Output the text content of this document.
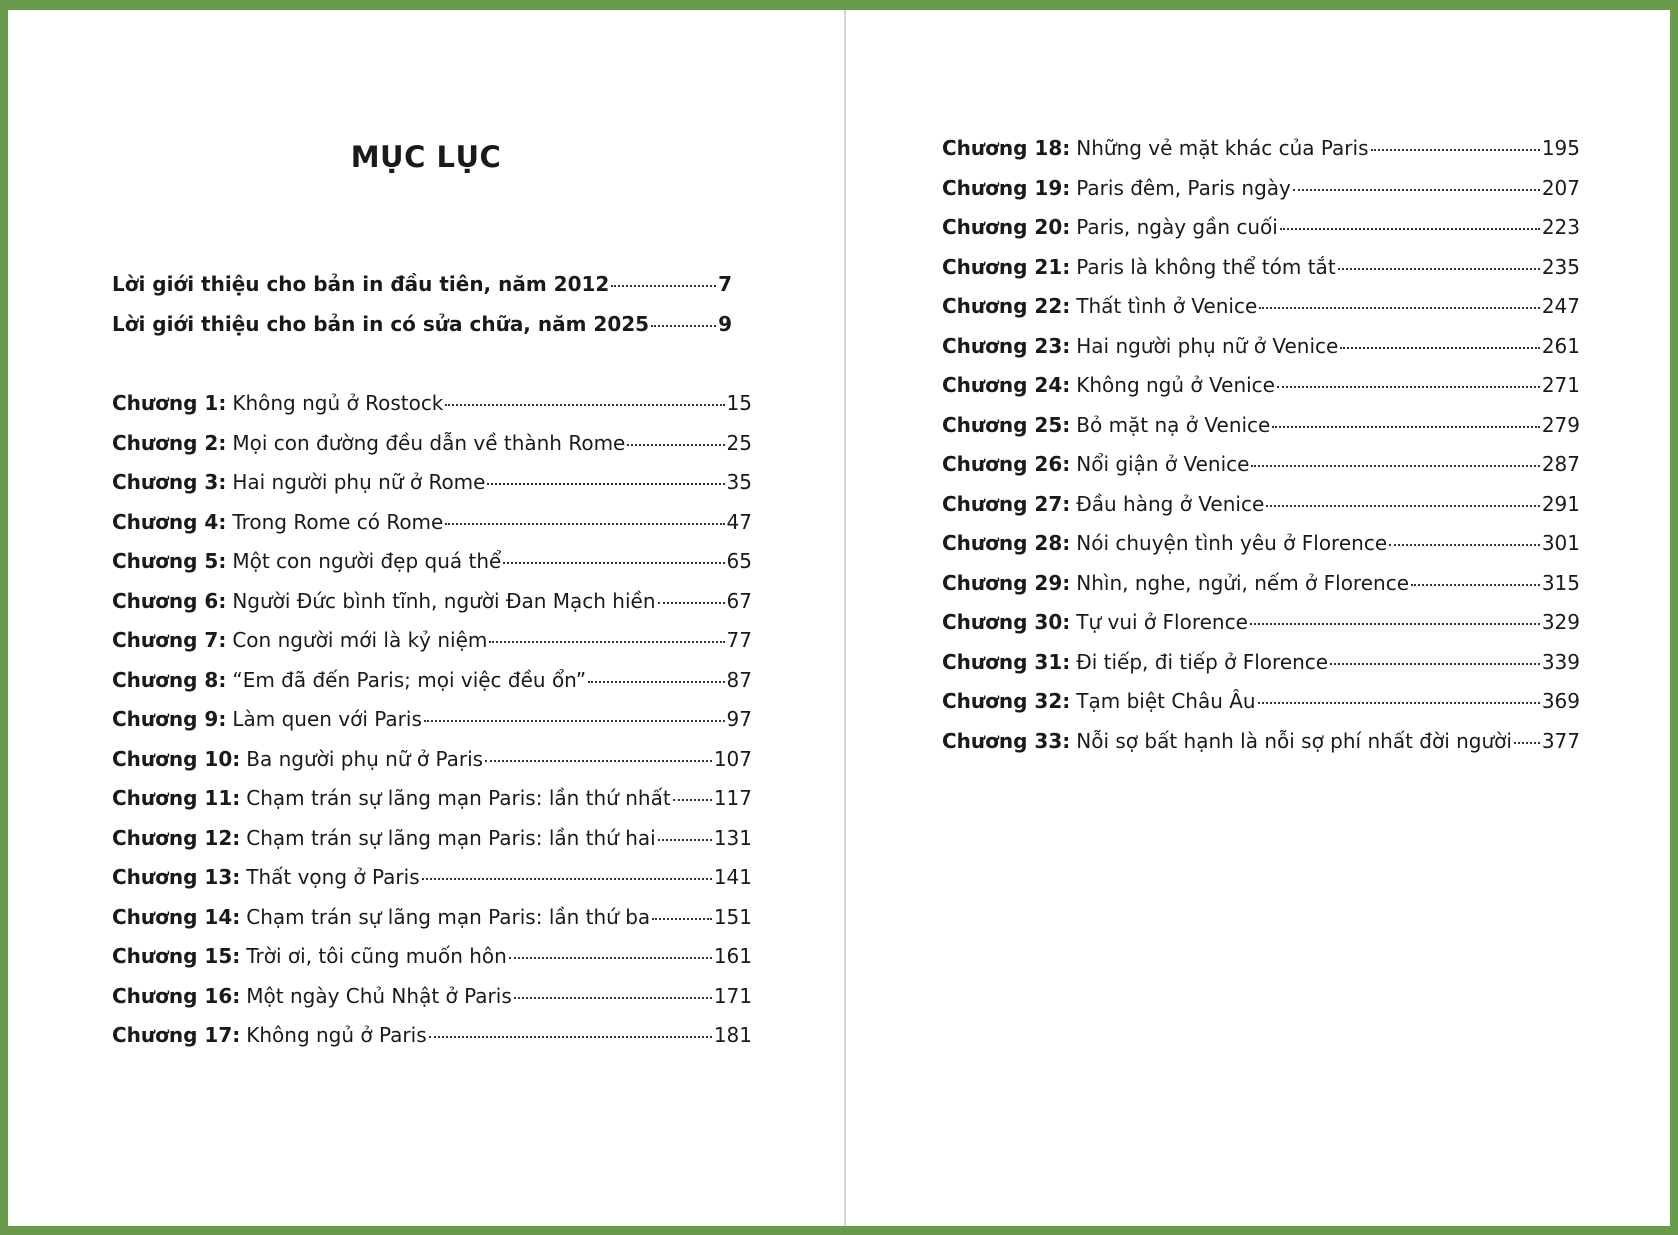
MỤC LỤC
Lời giới thiệu cho bản in đầu tiên, năm 2012	7
Lời giới thiệu cho bản in có sửa chữa, năm 2025	9
Chương 1 : Không ngủ ở Rostock	15
Chương 2 : Mọi con đường đều dẫn về thành Rome	25
Chương 3 : Hai người phụ nữ ở Rome	35
Chương 4 : Trong Rome có Rome	47
Chương 5 : Một con người đẹp quá thể	65
Chương 6 : Người Đức bình tĩnh, người Đan Mạch hiền	67
Chương 7 : Con người mới là kỷ niệm	77
Chương 8 : “Em đã đến Paris; mọi việc đều ổn”	87
Chương 9 : Làm quen với Paris	97
Chương 10 : Ba người phụ nữ ở Paris	107
Chương 11 : Chạm trán sự lãng mạn Paris: lần thứ nhất 117
Chương 12 : Chạm trán sự lãng mạn Paris: lần thứ hai	131
Chương 13 : Thất vọng ở Paris	141
Chương 14 : Chạm trán sự lãng mạn Paris: lần thứ ba	151
Chương 15 : Trời ơi, tôi cũng muốn hôn	161
Chương 16 : Một ngày Chủ Nhật ở Paris	171
Chương 17 : Không ngủ ở Paris	181
Chương 18 : Những vẻ mặt khác của Paris	195
Chương 19 : Paris đêm, Paris ngày	207
Chương 20 : Paris, ngày gần cuối	223
Chương 21 : Paris là không thể tóm tắt	235
Chương 22 : Thất tình ở Venice	247
Chương 23 : Hai người phụ nữ ở Venice	261
Chương 24 : Không ngủ ở Venice	271
Chương 25 : Bỏ mặt nạ ở Venice	279
Chương 26 : Nổi giận ở Venice	287
Chương 27 : Đầu hàng ở Venice	291
Chương 28 : Nói chuyện tình yêu ở Florence	301
Chương 29 : Nhìn, nghe, ngửi, nếm ở Florence	315
Chương 30 : Tự vui ở Florence	329
Chương 31 : Đi tiếp, đi tiếp ở Florence	339
Chương 32 : Tạm biệt Châu Âu	369
Chương 33 : Nỗi sợ bất hạnh là nỗi sợ phí nhất đời người 377
